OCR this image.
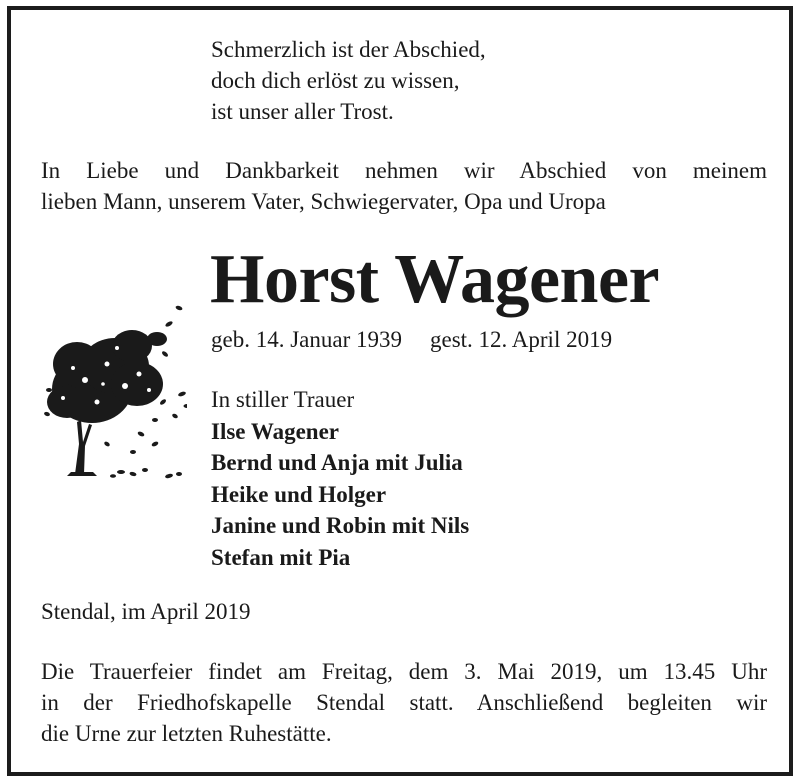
Schmerzlich ist der Abschied,
doch dich erlöst zu wissen,
ist unser aller Trost.
In Liebe und Dankbarkeit nehmen wir Abschied von meinem
lieben Mann, unserem Vater, Schwiegervater, Opa und Uropa
Horst Wagener
geb. 14. Januar 1939 gest. 12. April 2019
In stiller Trauer
Ilse Wagener
Bernd und Anja mit Julia
Heike und Holger
Janine und Robin mit Nils
Stefan mit Pia
Stendal, im April 2019
Die Trauerfeier findet am Freitag, dem 3. Mai 2019, um 13.45 Uhr
in der Friedhofskapelle Stendal statt. Anschließend begleiten wir
die Urne zur letzten Ruhestätte.
